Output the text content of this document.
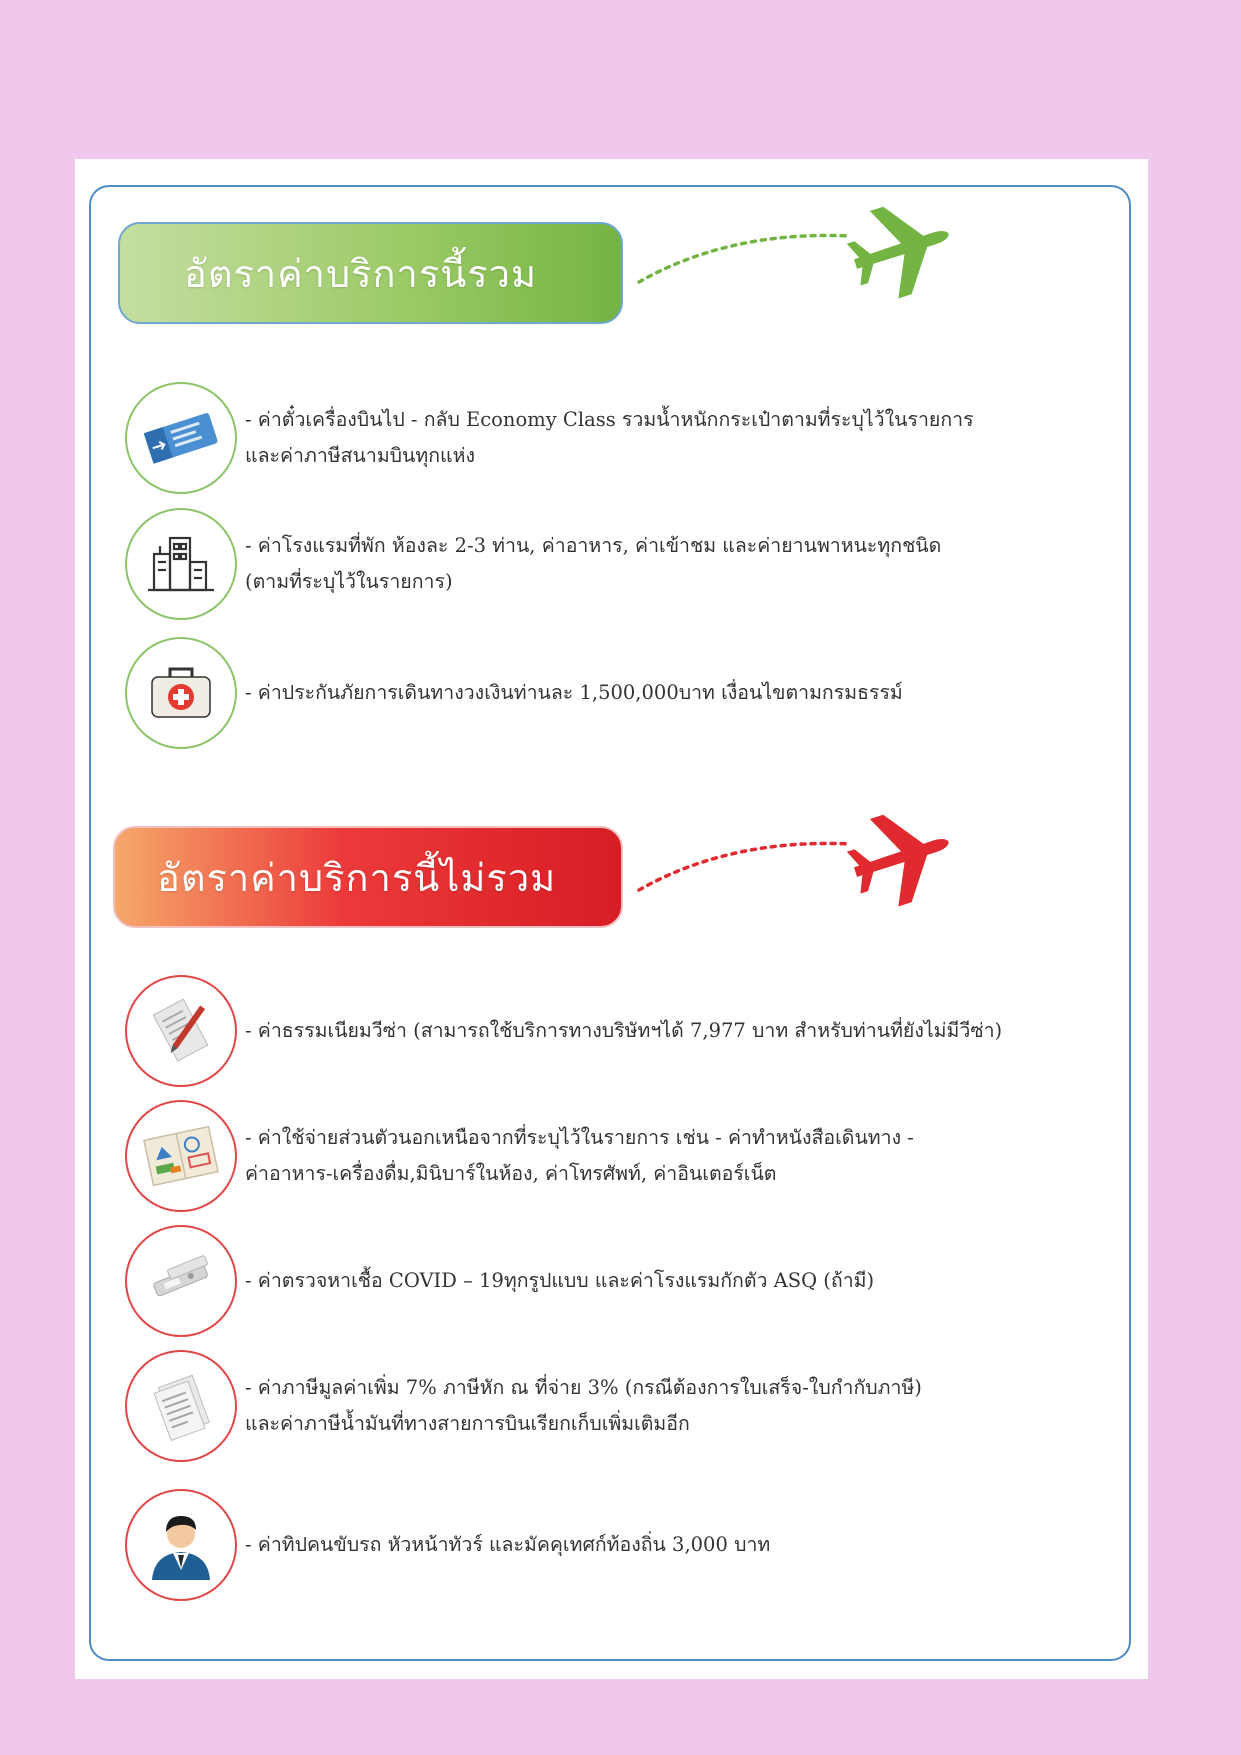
อัตราค่าบริการนี้รวม
- ค่าตั๋วเครื่องบินไป - กลับ Economy Class รวมน้ำหนักกระเป๋าตามที่ระบุไว้ในรายการ
และค่าภาษีสนามบินทุกแห่ง
- ค่าโรงแรมที่พัก ห้องละ 2-3 ท่าน, ค่าอาหาร, ค่าเข้าชม และค่ายานพาหนะทุกชนิด
(ตามที่ระบุไว้ในรายการ)
- ค่าประกันภัยการเดินทางวงเงินท่านละ 1,500,000บาท เงื่อนไขตามกรมธรรม์
อัตราค่าบริการนี้ไม่รวม
- ค่าธรรมเนียมวีซ่า (สามารถใช้บริการทางบริษัทฯได้ 7,977 บาท สำหรับท่านที่ยังไม่มีวีซ่า)
- ค่าใช้จ่ายส่วนตัวนอกเหนือจากที่ระบุไว้ในรายการ เช่น - ค่าทำหนังสือเดินทาง -
ค่าอาหาร-เครื่องดื่ม,มินิบาร์ในห้อง, ค่าโทรศัพท์, ค่าอินเตอร์เน็ต
- ค่าตรวจหาเชื้อ COVID – 19ทุกรูปแบบ และค่าโรงแรมกักตัว ASQ (ถ้ามี)
- ค่าภาษีมูลค่าเพิ่ม 7% ภาษีหัก ณ ที่จ่าย 3% (กรณีต้องการใบเสร็จ-ใบกำกับภาษี)
และค่าภาษีน้ำมันที่ทางสายการบินเรียกเก็บเพิ่มเติมอีก
- ค่าทิปคนขับรถ หัวหน้าทัวร์ และมัคคุเทศก์ท้องถิ่น 3,000 บาท
